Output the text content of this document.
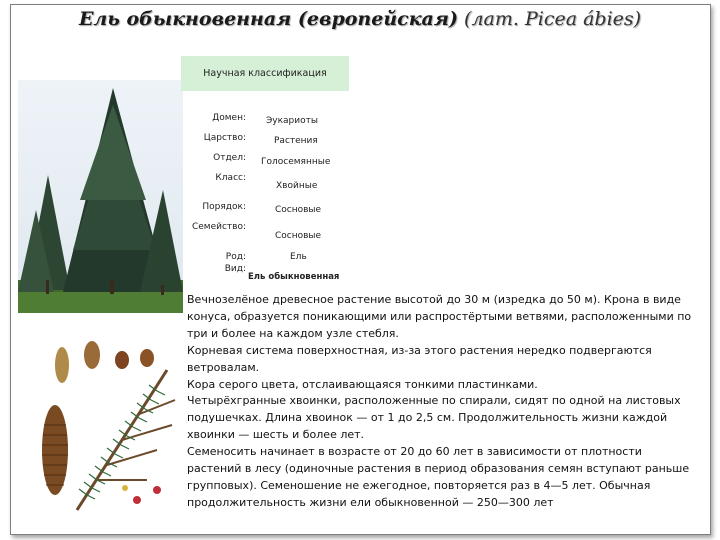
Ель обыкновенная (европейская) (лат. Picea ábies)
Научная классификация
Домен: Эукариоты
Царство:	Растения
Отдел: Голосемянные
Класс:
Хвойные
Порядок:	Сосновые
Семейство:
Сосновые
Род:	Ель
Вид:
Ель обыкновенная

Вечнозелёное древесное растение высотой до 30 м (изредка до 50 м). Крона в виде конуса, образуется поникающими или распростёртыми ветвями, расположенными по три и более на каждом узле стебля.

Корневая система поверхностная, из-за этого растения нередко подвергаются ветровалам.

Кора серого цвета, отслаивающаяся тонкими пластинками.

Четырёхгранные хвоинки, расположенные по спирали, сидят по одной на листовых подушечках. Длина хвоинок — от 1 до 2,5 см. Продолжительность жизни каждой хвоинки — шесть и более лет.

Семеносить начинает в возрасте от 20 до 60 лет в зависимости от плотности растений в лесу (одиночные растения в период образования семян вступают раньше групповых). Семеношение не ежегодное, повторяется раз в 4—5 лет. Обычная продолжительность жизни ели обыкновенной — 250—300 лет
